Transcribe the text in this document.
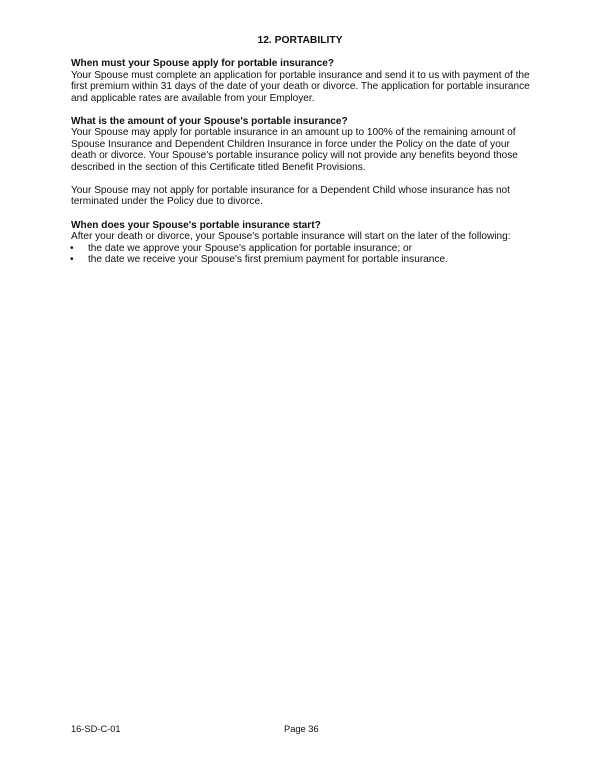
12. PORTABILITY

When must your Spouse apply for portable insurance?

Your Spouse must complete an application for portable insurance and send it to us with payment of the first premium within 31 days of the date of your death or divorce. The application for portable insurance and applicable rates are available from your Employer.

What is the amount of your Spouse's portable insurance?

Your Spouse may apply for portable insurance in an amount up to 100% of the remaining amount of Spouse Insurance and Dependent Children Insurance in force under the Policy on the date of your death or divorce. Your Spouse's portable insurance policy will not provide any benefits beyond those described in the section of this Certificate titled Benefit Provisions.

Your Spouse may not apply for portable insurance for a Dependent Child whose insurance has not terminated under the Policy due to divorce.

When does your Spouse's portable insurance start?

After your death or divorce, your Spouse's portable insurance will start on the later of the following:

• the date we approve your Spouse's application for portable insurance; or
• the date we receive your Spouse's first premium payment for portable insurance.
16-SD-C-01	Page 36
